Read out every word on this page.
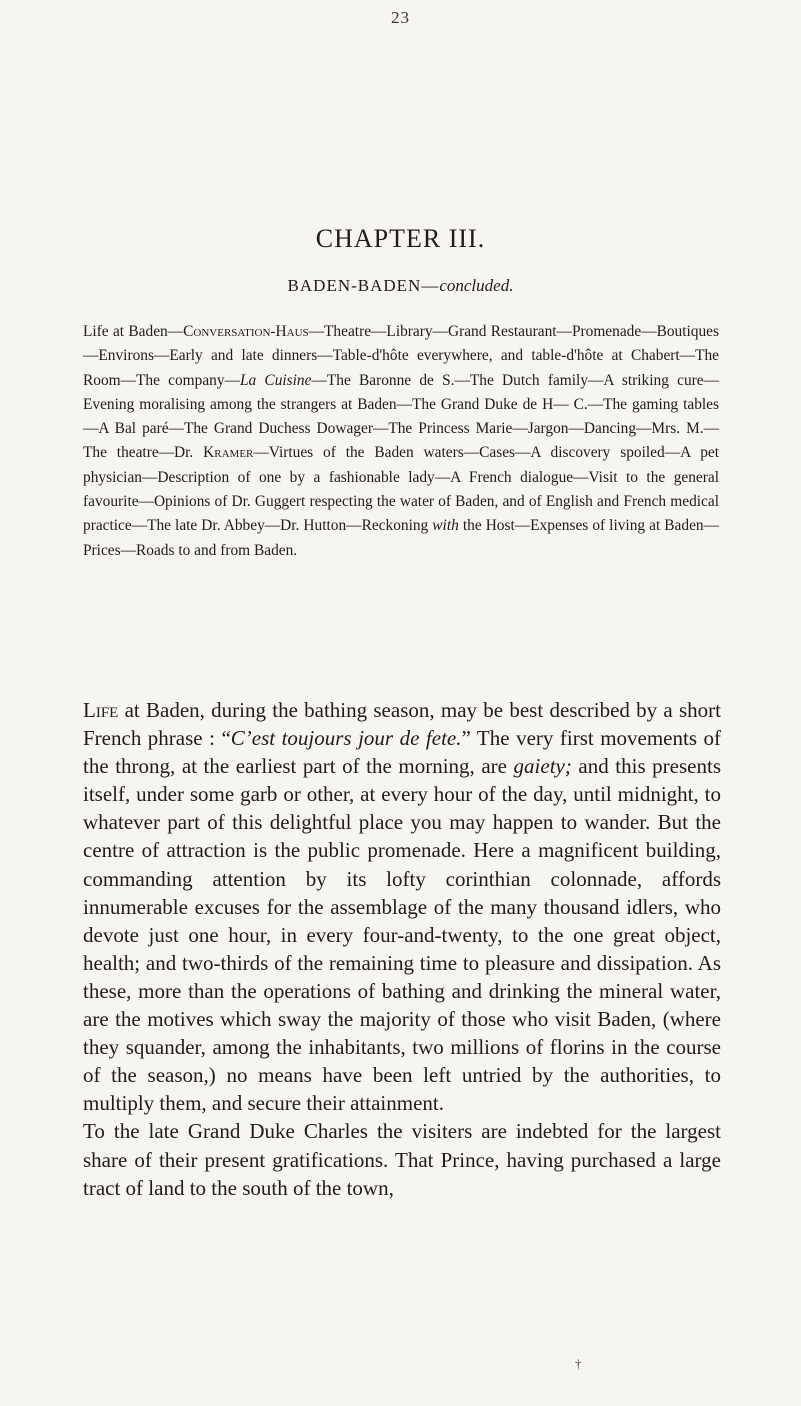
23
CHAPTER III.
BADEN-BADEN—concluded.
Life at Baden—Conversation-Haus—Theatre—Library—Grand Restaurant—Promenade—Boutiques—Environs—Early and late dinners—Table-d'hôte everywhere, and table-d'hôte at Chabert—The Room—The company—La Cuisine—The Baronne de S.—The Dutch family—A striking cure—Evening moralising among the strangers at Baden—The Grand Duke de H— C.—The gaming tables—A Bal paré—The Grand Duchess Dowager—The Princess Marie—Jargon—Dancing—Mrs. M.—The theatre—Dr. Kramer—Virtues of the Baden waters—Cases—A discovery spoiled—A pet physician—Description of one by a fashionable lady—A French dialogue—Visit to the general favourite—Opinions of Dr. Guggert respecting the water of Baden, and of English and French medical practice—The late Dr. Abbey—Dr. Hutton—Reckoning with the Host—Expenses of living at Baden—Prices—Roads to and from Baden.

Life at Baden, during the bathing season, may be best described by a short French phrase : “C’est toujours jour de fete.” The very first movements of the throng, at the earliest part of the morning, are gaiety; and this presents itself, under some garb or other, at every hour of the day, until midnight, to whatever part of this delightful place you may happen to wander. But the centre of attraction is the public promenade. Here a magnificent building, commanding attention by its lofty corinthian colonnade, affords innumerable excuses for the assemblage of the many thousand idlers, who devote just one hour, in every four-and-twenty, to the one great object, health; and two-thirds of the remaining time to pleasure and dissipation. As these, more than the operations of bathing and drinking the mineral water, are the motives which sway the majority of those who visit Baden, (where they squander, among the inhabitants, two millions of florins in the course of the season,) no means have been left untried by the authorities, to multiply them, and secure their attainment.

To the late Grand Duke Charles the visiters are indebted for the largest share of their present gratifications. That Prince, having purchased a large tract of land to the south of the town,

†
